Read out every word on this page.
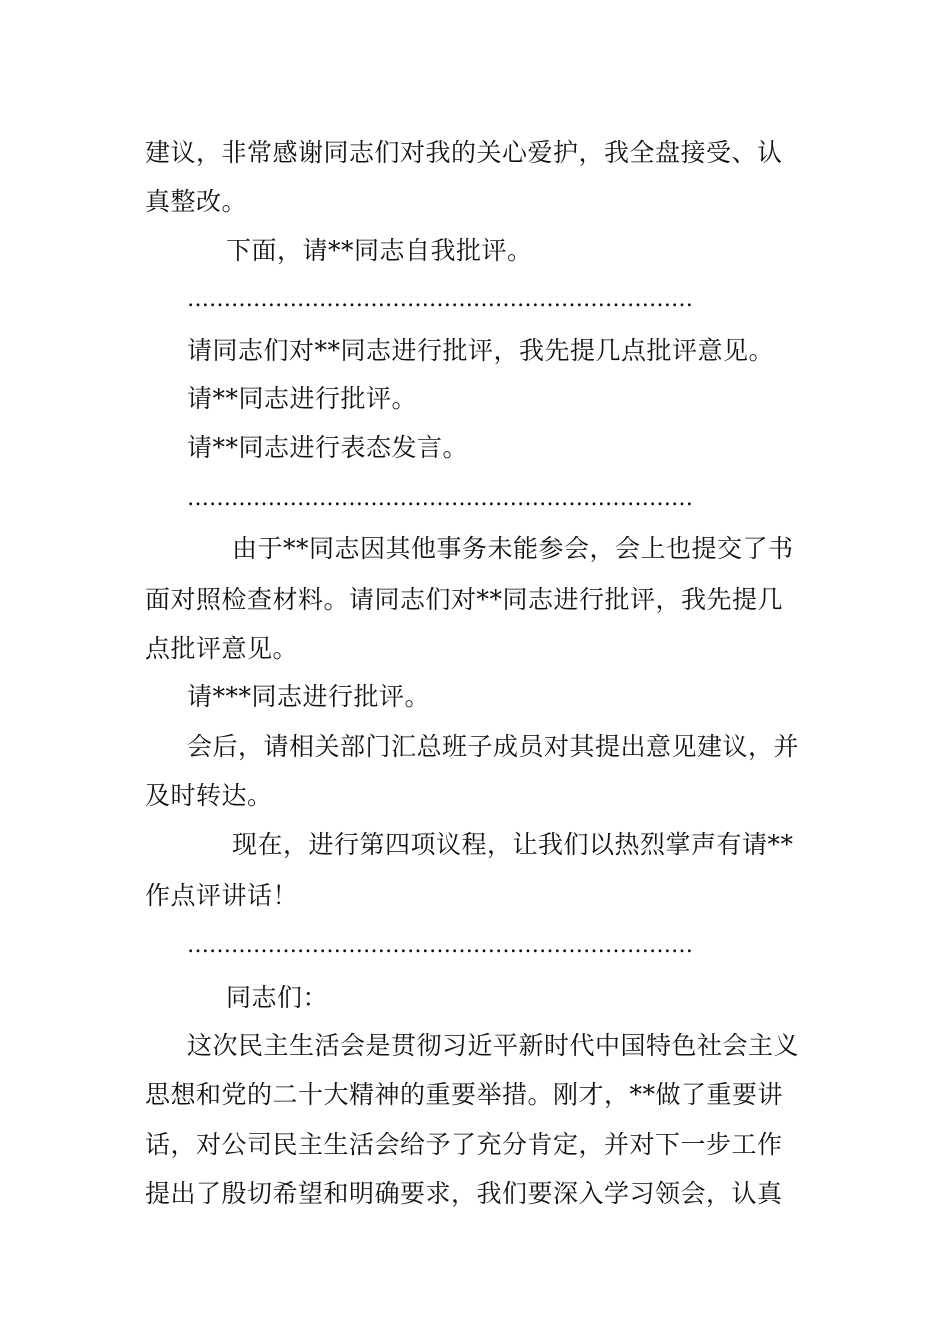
建议，非常感谢同志们对我的关心爱护，我全盘接受、认
真整改。
下面，请**同志自我批评。
……………………………………………………………
请同志们对**同志进行批评，我先提几点批评意见。
请**同志进行批评。
请**同志进行表态发言。
……………………………………………………………
由于**同志因其他事务未能参会，会上也提交了书
面对照检查材料。请同志们对**同志进行批评，我先提几
点批评意见。
请***同志进行批评。
会后，请相关部门汇总班子成员对其提出意见建议，并
及时转达。
现在，进行第四项议程，让我们以热烈掌声有请**
作点评讲话！
……………………………………………………………
同志们：
这次民主生活会是贯彻习近平新时代中国特色社会主义
思想和党的二十大精神的重要举措。刚才，**做了重要讲
话，对公司民主生活会给予了充分肯定，并对下一步工作
提出了殷切希望和明确要求，我们要深入学习领会，认真
